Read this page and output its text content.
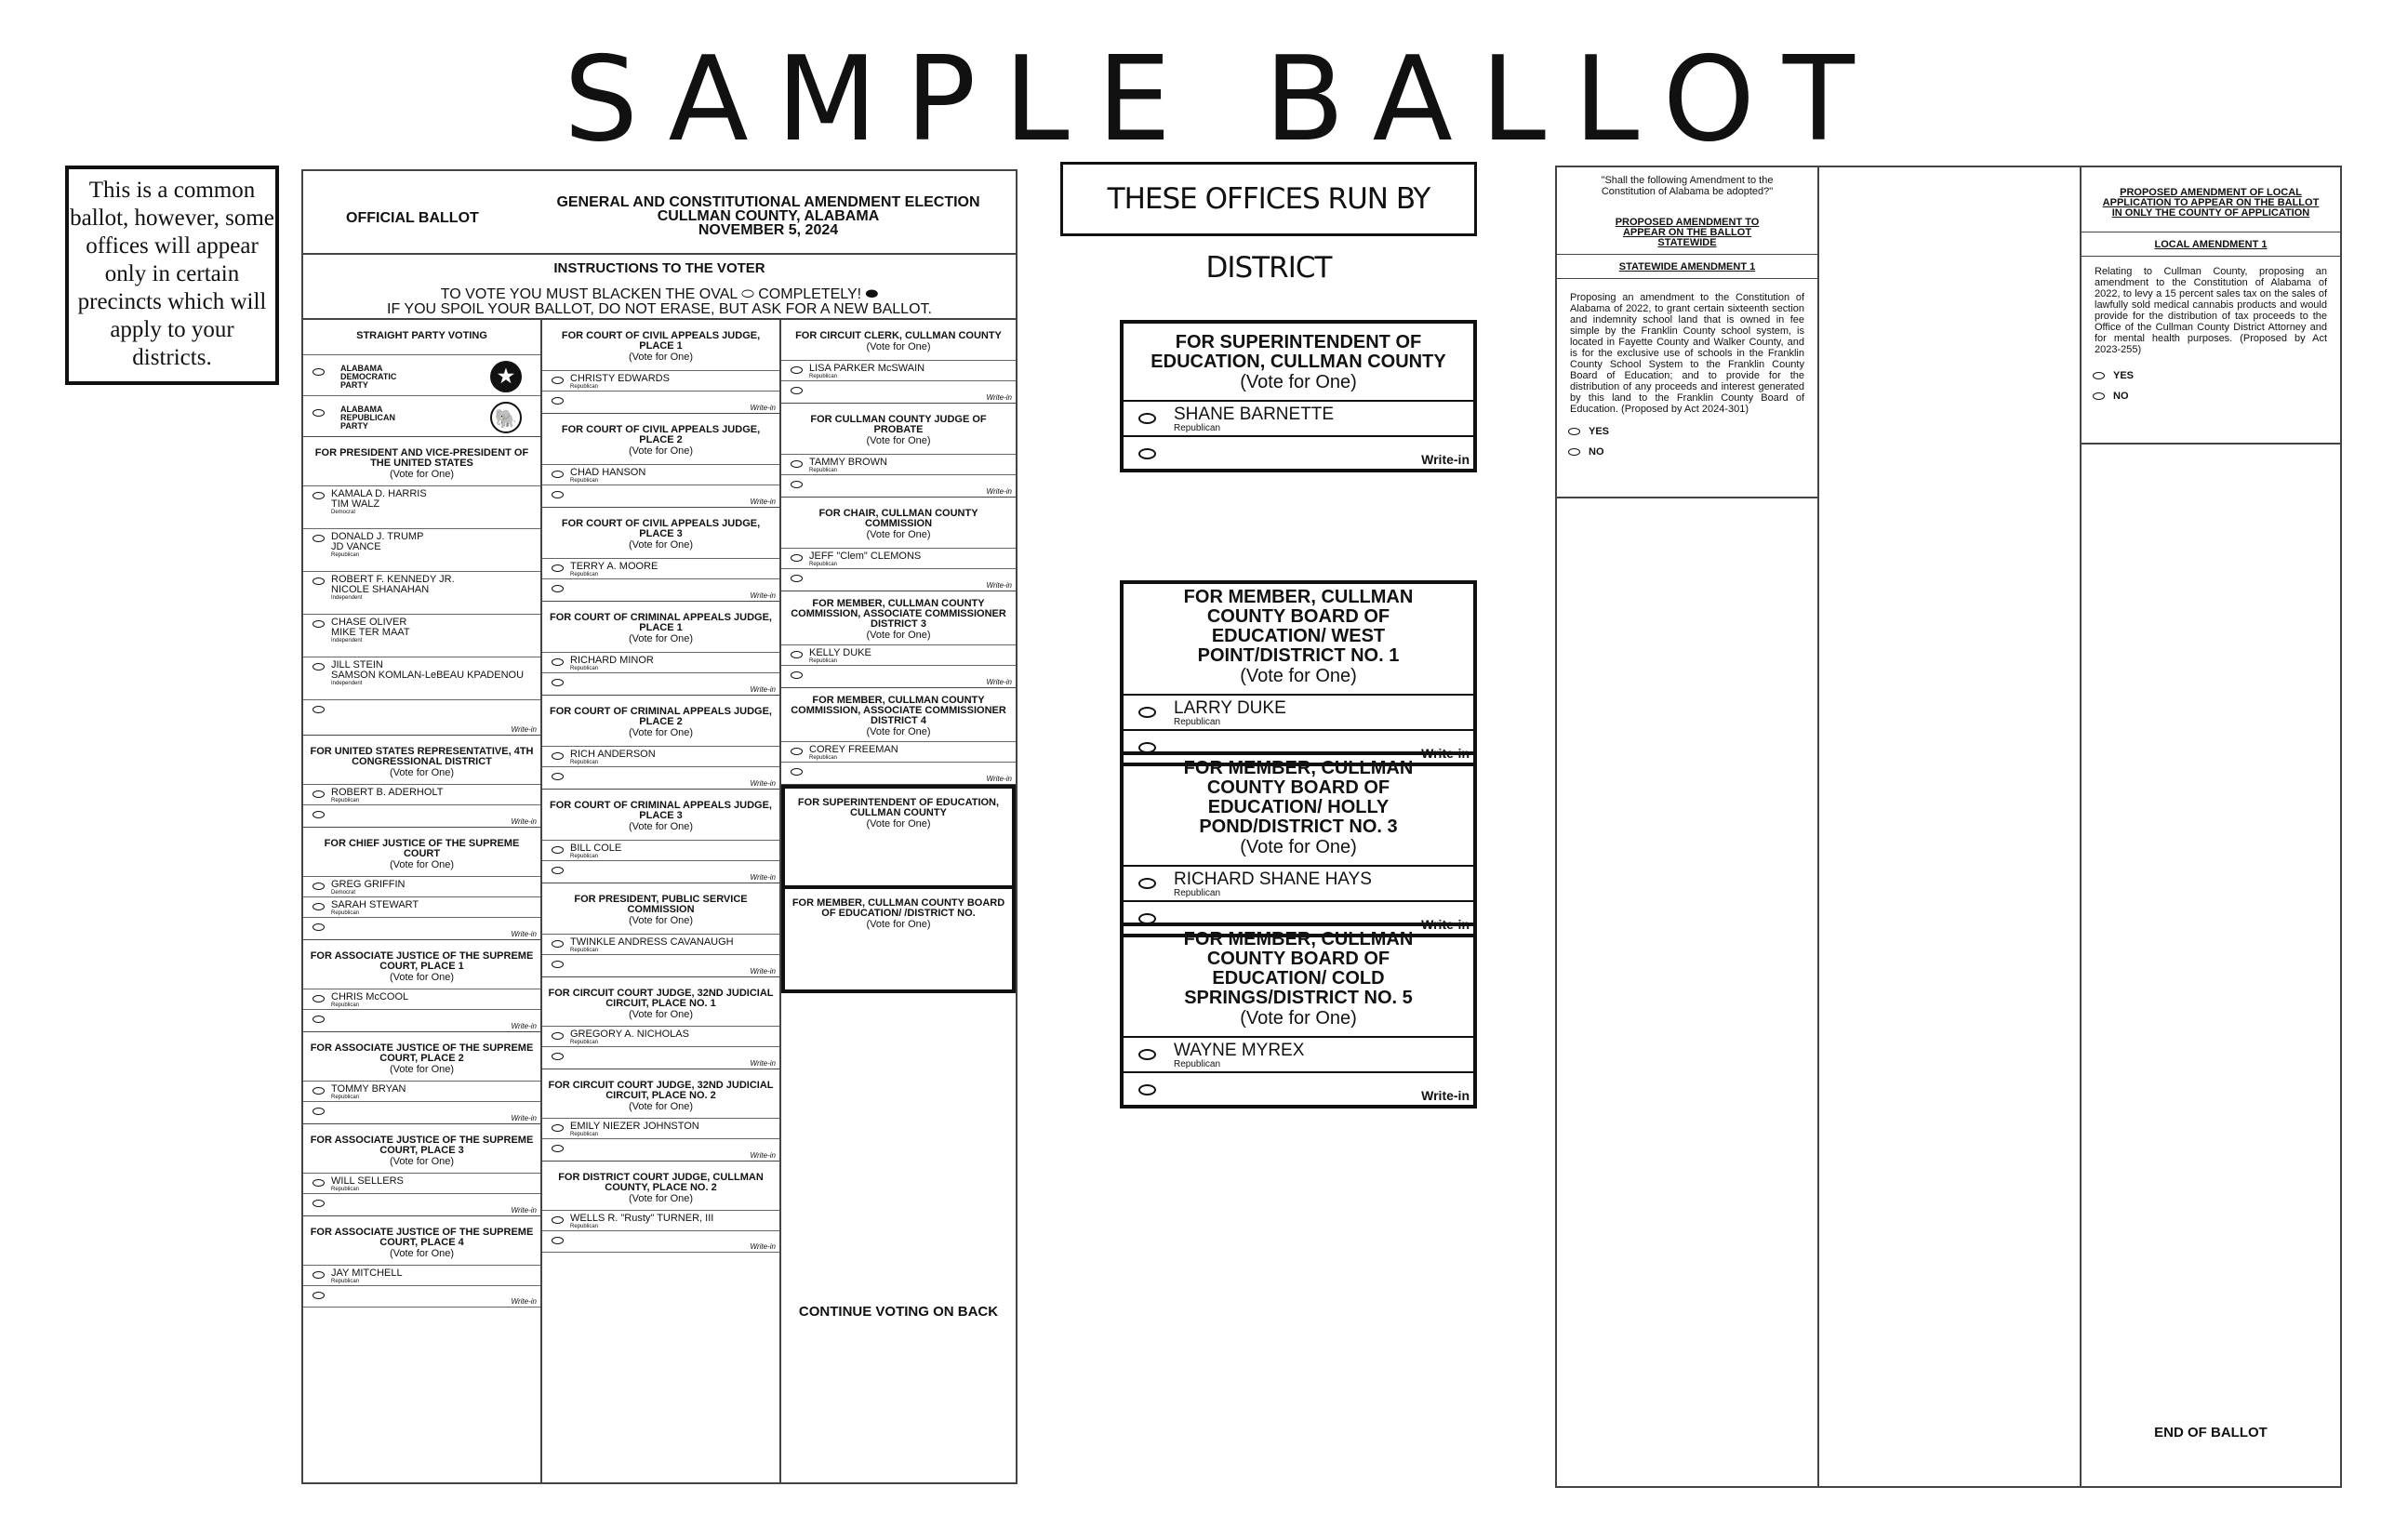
SAMPLE BALLOT
This is a common ballot, however, some offices will appear only in certain precincts which will apply to your districts.
THESE OFFICES RUN BY DISTRICT
OFFICIAL BALLOT
GENERAL AND CONSTITUTIONAL AMENDMENT ELECTION
CULLMAN COUNTY, ALABAMA
NOVEMBER 5, 2024
INSTRUCTIONS TO THE VOTER
TO VOTE YOU MUST BLACKEN THE OVAL ⬭ COMPLETELY! ⬬
IF YOU SPOIL YOUR BALLOT, DO NOT ERASE, BUT ASK FOR A NEW BALLOT.
STRAIGHT PARTY VOTING
ALABAMA DEMOCRATIC PARTY	★
ALABAMA REPUBLICAN PARTY	🐘
FOR PRESIDENT AND VICE-PRESIDENT OF THE UNITED STATES
(Vote for One)
KAMALA D. HARRIS
TIM WALZ
Democrat
DONALD J. TRUMP
JD VANCE
Republican
ROBERT F. KENNEDY JR.
NICOLE SHANAHAN
Independent
CHASE OLIVER
MIKE TER MAAT
Independent
JILL STEIN
SAMSON KOMLAN-LeBEAU KPADENOU
Independent
Write-in
FOR UNITED STATES REPRESENTATIVE, 4TH CONGRESSIONAL DISTRICT
(Vote for One)
ROBERT B. ADERHOLT
Republican
Write-in
FOR CHIEF JUSTICE OF THE SUPREME COURT
(Vote for One)
GREG GRIFFIN
Democrat
SARAH STEWART
Republican
Write-in
FOR ASSOCIATE JUSTICE OF THE SUPREME COURT, PLACE 1
(Vote for One)
CHRIS McCOOL
Republican
Write-in
FOR ASSOCIATE JUSTICE OF THE SUPREME COURT, PLACE 2
(Vote for One)
TOMMY BRYAN
Republican
Write-in
FOR ASSOCIATE JUSTICE OF THE SUPREME COURT, PLACE 3
(Vote for One)
WILL SELLERS
Republican
Write-in
FOR ASSOCIATE JUSTICE OF THE SUPREME COURT, PLACE 4
(Vote for One)
JAY MITCHELL
Republican
Write-in
FOR COURT OF CIVIL APPEALS JUDGE, PLACE 1
(Vote for One)
CHRISTY EDWARDS
Republican
Write-in
FOR COURT OF CIVIL APPEALS JUDGE, PLACE 2
(Vote for One)
CHAD HANSON
Republican
Write-in
FOR COURT OF CIVIL APPEALS JUDGE, PLACE 3
(Vote for One)
TERRY A. MOORE
Republican
Write-in
FOR COURT OF CRIMINAL APPEALS JUDGE, PLACE 1
(Vote for One)
RICHARD MINOR
Republican
Write-in
FOR COURT OF CRIMINAL APPEALS JUDGE, PLACE 2
(Vote for One)
RICH ANDERSON
Republican
Write-in
FOR COURT OF CRIMINAL APPEALS JUDGE, PLACE 3
(Vote for One)
BILL COLE
Republican
Write-in
FOR PRESIDENT, PUBLIC SERVICE COMMISSION
(Vote for One)
TWINKLE ANDRESS CAVANAUGH
Republican
Write-in
FOR CIRCUIT COURT JUDGE, 32ND JUDICIAL CIRCUIT, PLACE NO. 1
(Vote for One)
GREGORY A. NICHOLAS
Republican
Write-in
FOR CIRCUIT COURT JUDGE, 32ND JUDICIAL CIRCUIT, PLACE NO. 2
(Vote for One)
EMILY NIEZER JOHNSTON
Republican
Write-in
FOR DISTRICT COURT JUDGE, CULLMAN COUNTY, PLACE NO. 2
(Vote for One)
WELLS R. "Rusty" TURNER, III
Republican
Write-in
FOR CIRCUIT CLERK, CULLMAN COUNTY
(Vote for One)
LISA PARKER McSWAIN
Republican
Write-in
FOR CULLMAN COUNTY JUDGE OF PROBATE
(Vote for One)
TAMMY BROWN
Republican
Write-in
FOR CHAIR, CULLMAN COUNTY COMMISSION
(Vote for One)
JEFF "Clem" CLEMONS
Republican
Write-in
FOR MEMBER, CULLMAN COUNTY COMMISSION, ASSOCIATE COMMISSIONER DISTRICT 3
(Vote for One)
KELLY DUKE
Republican
Write-in
FOR MEMBER, CULLMAN COUNTY COMMISSION, ASSOCIATE COMMISSIONER DISTRICT 4
(Vote for One)
COREY FREEMAN
Republican
Write-in
FOR SUPERINTENDENT OF EDUCATION, CULLMAN COUNTY
(Vote for One)
FOR MEMBER, CULLMAN COUNTY BOARD OF EDUCATION/ /DISTRICT NO.
(Vote for One)
CONTINUE VOTING ON BACK
FOR SUPERINTENDENT OF EDUCATION, CULLMAN COUNTY
(Vote for One)
SHANE BARNETTE
Republican
Write-in
FOR MEMBER, CULLMAN COUNTY BOARD OF EDUCATION/ WEST POINT/DISTRICT NO. 1
(Vote for One)
LARRY DUKE
Republican
Write-in
FOR MEMBER, CULLMAN COUNTY BOARD OF EDUCATION/ HOLLY POND/DISTRICT NO. 3
(Vote for One)
RICHARD SHANE HAYS
Republican
Write-in
FOR MEMBER, CULLMAN COUNTY BOARD OF EDUCATION/ COLD SPRINGS/DISTRICT NO. 5
(Vote for One)
WAYNE MYREX
Republican
Write-in
"Shall the following Amendment to the Constitution of Alabama be adopted?"
PROPOSED AMENDMENT TO APPEAR ON THE BALLOT STATEWIDE
STATEWIDE AMENDMENT 1
Proposing an amendment to the Constitution of Alabama of 2022, to grant certain sixteenth section and indemnity school land that is owned in fee simple by the Franklin County school system, is located in Fayette County and Walker County, and is for the exclusive use of schools in the Franklin County School System to the Franklin County Board of Education; and to provide for the distribution of any proceeds and interest generated by this land to the Franklin County Board of Education. (Proposed by Act 2024-301)
YES
NO
PROPOSED AMENDMENT OF LOCAL APPLICATION TO APPEAR ON THE BALLOT IN ONLY THE COUNTY OF APPLICATION
LOCAL AMENDMENT 1
Relating to Cullman County, proposing an amendment to the Constitution of Alabama of 2022, to levy a 15 percent sales tax on the sales of lawfully sold medical cannabis products and would provide for the distribution of tax proceeds to the Office of the Cullman County District Attorney and for mental health purposes. (Proposed by Act 2023-255)
YES
NO
END OF BALLOT
